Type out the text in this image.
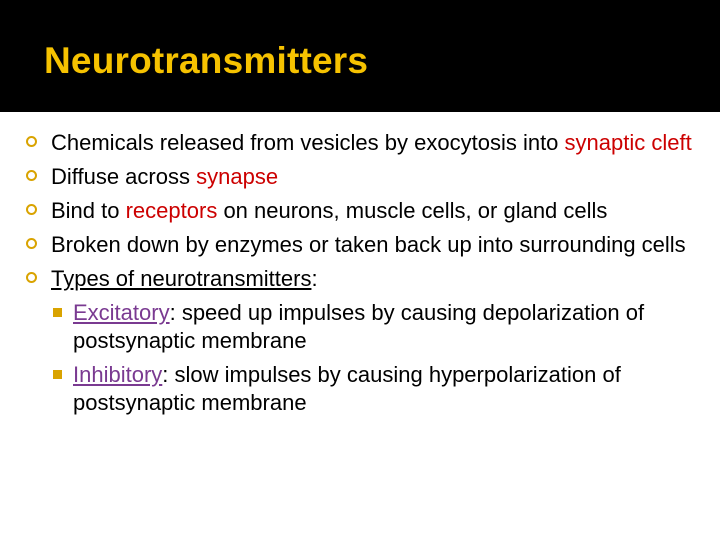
Neurotransmitters
Chemicals released from vesicles by exocytosis into synaptic cleft
Diffuse across synapse
Bind to receptors on neurons, muscle cells, or gland cells
Broken down by enzymes or taken back up into surrounding cells
Types of neurotransmitters:
Excitatory: speed up impulses by causing depolarization of postsynaptic membrane
Inhibitory: slow impulses by causing hyperpolarization of postsynaptic membrane
